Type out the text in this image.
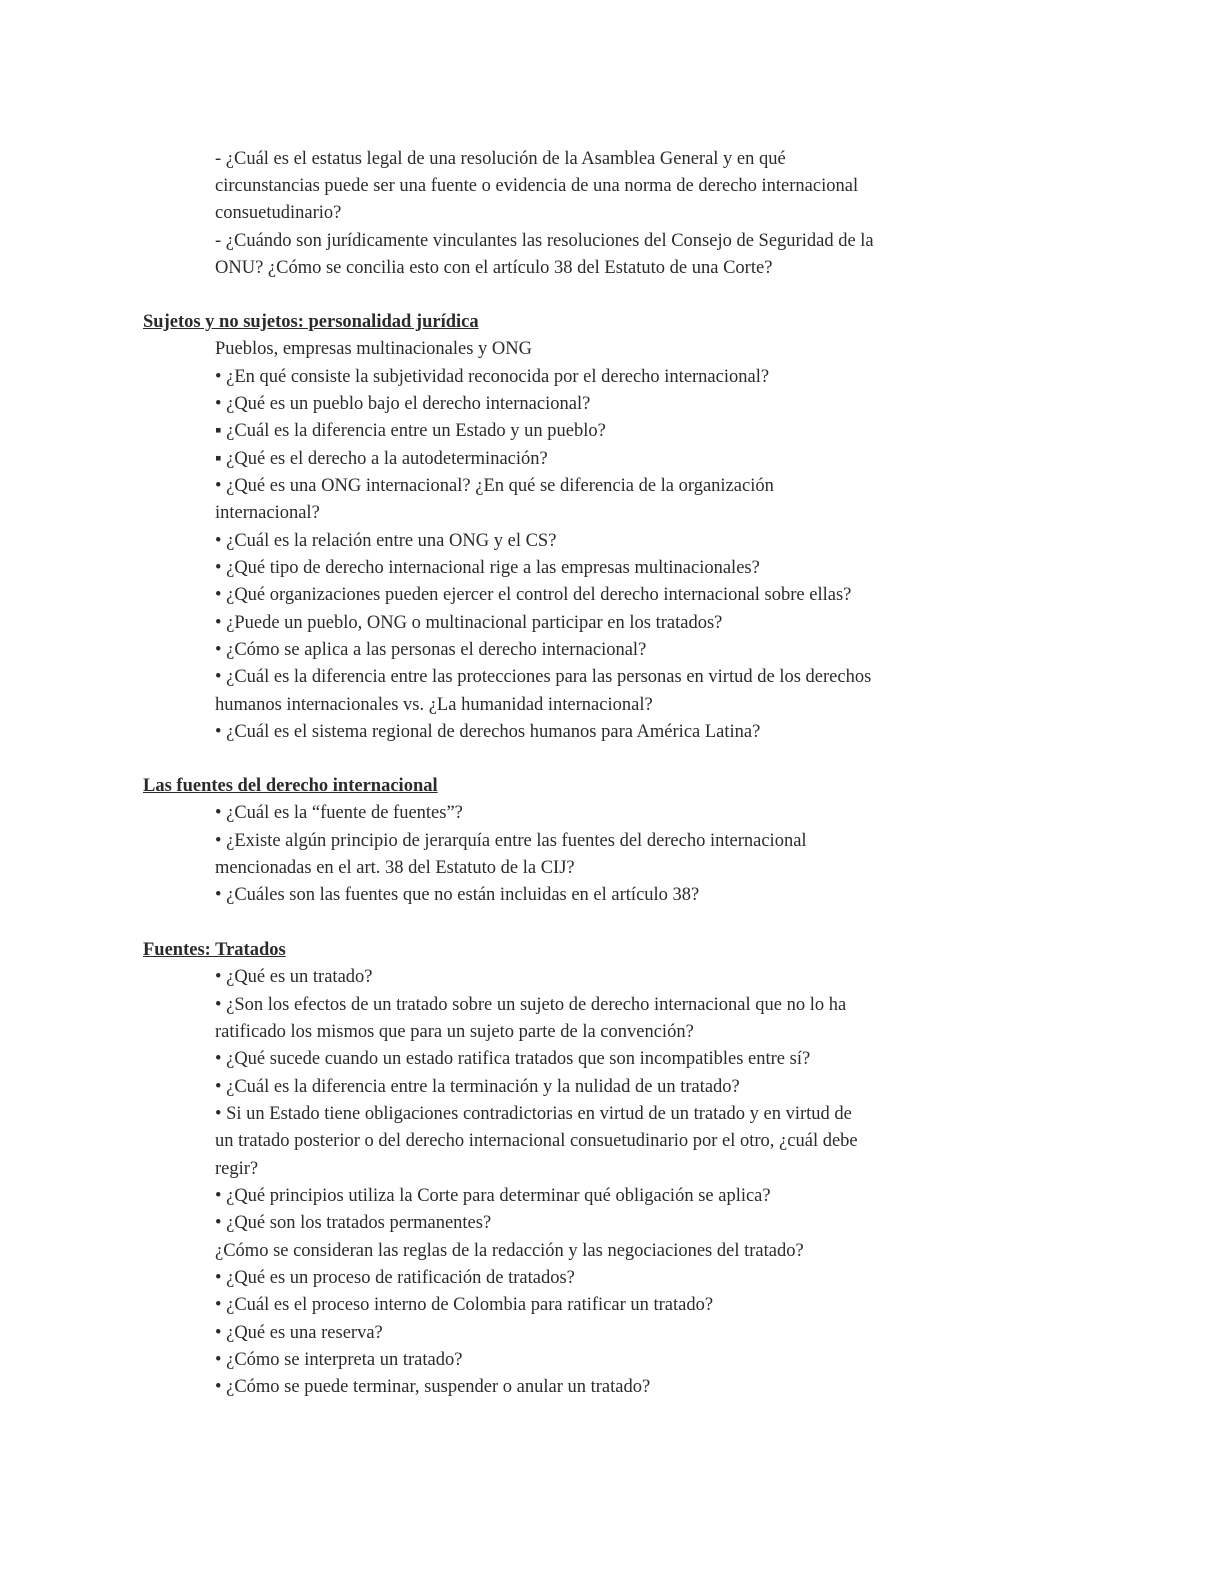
- ¿Cuál es el estatus legal de una resolución de la Asamblea General y en qué
circunstancias puede ser una fuente o evidencia de una norma de derecho internacional
consuetudinario?
- ¿Cuándo son jurídicamente vinculantes las resoluciones del Consejo de Seguridad de la
ONU? ¿Cómo se concilia esto con el artículo 38 del Estatuto de una Corte?
Sujetos y no sujetos: personalidad jurídica
Pueblos, empresas multinacionales y ONG
• ¿En qué consiste la subjetividad reconocida por el derecho internacional?
• ¿Qué es un pueblo bajo el derecho internacional?
▪ ¿Cuál es la diferencia entre un Estado y un pueblo?
▪ ¿Qué es el derecho a la autodeterminación?
• ¿Qué es una ONG internacional? ¿En qué se diferencia de la organización
internacional?
• ¿Cuál es la relación entre una ONG y el CS?
• ¿Qué tipo de derecho internacional rige a las empresas multinacionales?
• ¿Qué organizaciones pueden ejercer el control del derecho internacional sobre ellas?
• ¿Puede un pueblo, ONG o multinacional participar en los tratados?
• ¿Cómo se aplica a las personas el derecho internacional?
• ¿Cuál es la diferencia entre las protecciones para las personas en virtud de los derechos
humanos internacionales vs. ¿La humanidad internacional?
• ¿Cuál es el sistema regional de derechos humanos para América Latina?
Las fuentes del derecho internacional
• ¿Cuál es la “fuente de fuentes”?
• ¿Existe algún principio de jerarquía entre las fuentes del derecho internacional
mencionadas en el art. 38 del Estatuto de la CIJ?
• ¿Cuáles son las fuentes que no están incluidas en el artículo 38?
Fuentes: Tratados
• ¿Qué es un tratado?
• ¿Son los efectos de un tratado sobre un sujeto de derecho internacional que no lo ha
ratificado los mismos que para un sujeto parte de la convención?
• ¿Qué sucede cuando un estado ratifica tratados que son incompatibles entre sí?
• ¿Cuál es la diferencia entre la terminación y la nulidad de un tratado?
• Si un Estado tiene obligaciones contradictorias en virtud de un tratado y en virtud de
un tratado posterior o del derecho internacional consuetudinario por el otro, ¿cuál debe
regir?
• ¿Qué principios utiliza la Corte para determinar qué obligación se aplica?
• ¿Qué son los tratados permanentes?
¿Cómo se consideran las reglas de la redacción y las negociaciones del tratado?
• ¿Qué es un proceso de ratificación de tratados?
• ¿Cuál es el proceso interno de Colombia para ratificar un tratado?
• ¿Qué es una reserva?
• ¿Cómo se interpreta un tratado?
• ¿Cómo se puede terminar, suspender o anular un tratado?
